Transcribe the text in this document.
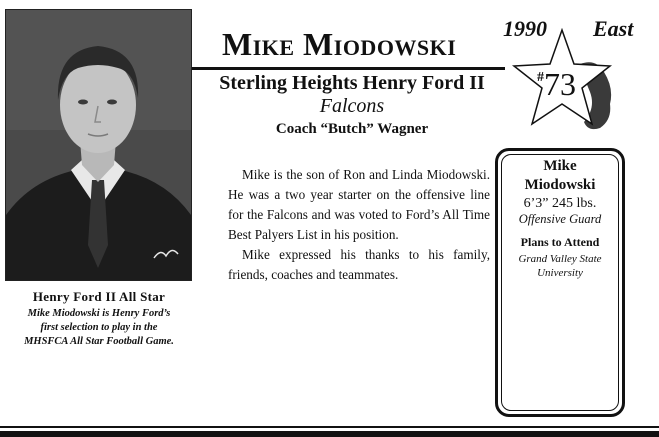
Henry Ford II All Star
Mike Miodowski is Henry Ford’s
first selection to play in the
MHSFCA All Star Football Game.
Mike Miodowski
Sterling Heights Henry Ford II
Falcons
Coach “Butch” Wagner
1990 East
#73

Mike is the son of Ron and Linda Miodowski. He was a two year starter on the offensive line for the Falcons and was voted to Ford’s All Time Best Palyers List in his position.

Mike expressed his thanks to his family, friends, coaches and teammates.

Mike
Miodowski
6’3” 245 lbs.
Offensive Guard
Plans to Attend
Grand Valley State
University
